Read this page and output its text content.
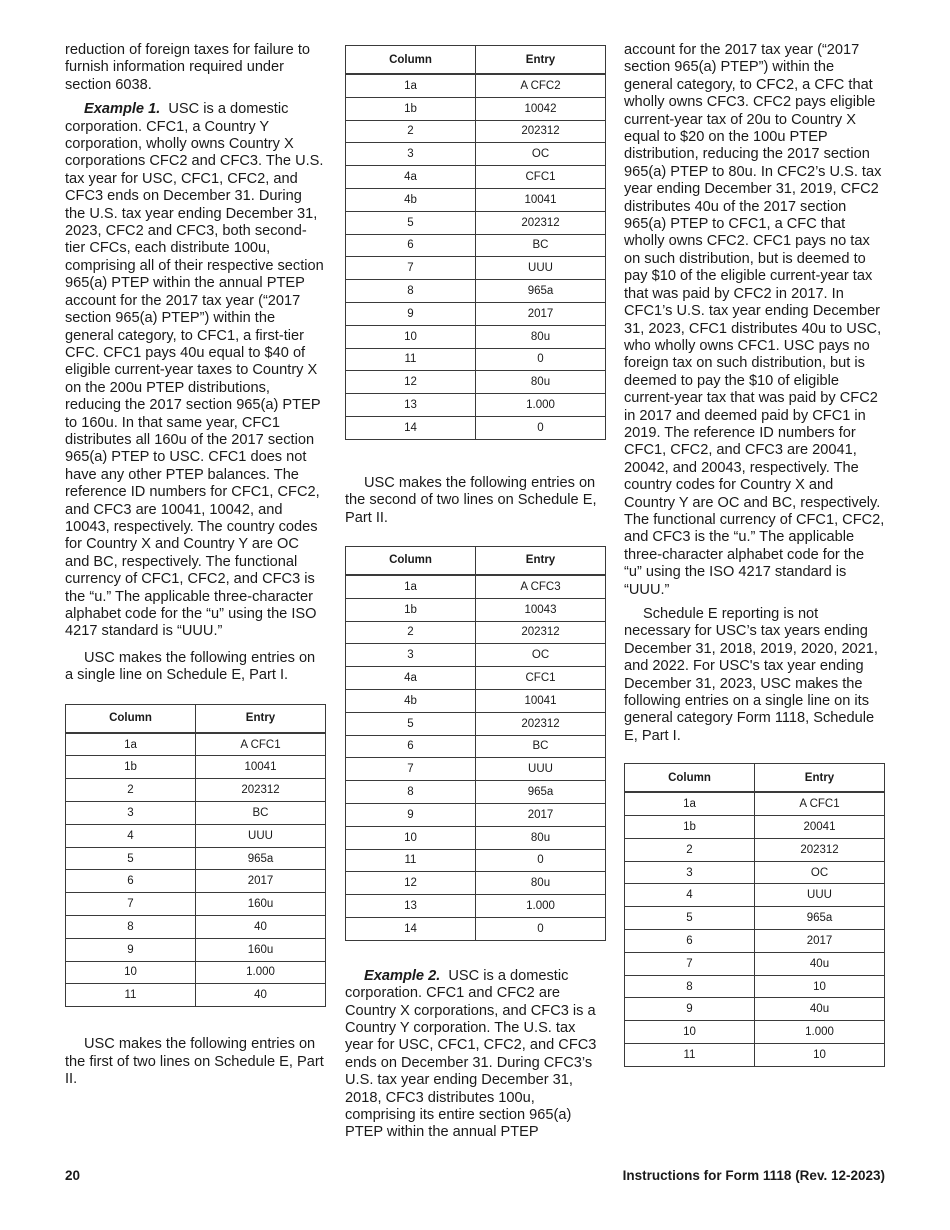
reduction of foreign taxes for failure to furnish information required under section 6038.

Example 1. USC is a domestic corporation. CFC1, a Country Y corporation, wholly owns Country X corporations CFC2 and CFC3. The U.S. tax year for USC, CFC1, CFC2, and CFC3 ends on December 31. During the U.S. tax year ending December 31, 2023, CFC2 and CFC3, both second-tier CFCs, each distribute 100u, comprising all of their respective section 965(a) PTEP within the annual PTEP account for the 2017 tax year (“2017 section 965(a) PTEP”) within the general category, to CFC1, a first-tier CFC. CFC1 pays 40u equal to $40 of eligible current-year taxes to Country X on the 200u PTEP distributions, reducing the 2017 section 965(a) PTEP to 160u. In that same year, CFC1 distributes all 160u of the 2017 section 965(a) PTEP to USC. CFC1 does not have any other PTEP balances. The reference ID numbers for CFC1, CFC2, and CFC3 are 10041, 10042, and 10043, respectively. The country codes for Country X and Country Y are OC and BC, respectively. The functional currency of CFC1, CFC2, and CFC3 is the “u.” The applicable three-character alphabet code for the “u” using the ISO 4217 standard is “UUU.”

USC makes the following entries on a single line on Schedule E, Part I.

Column	Entry
1a	A CFC1
1b	10041
2	202312
3	BC
4	UUU
5	965a
6	2017
7	160u
8	40
9	160u
10	1.000
11	40

USC makes the following entries on the first of two lines on Schedule E, Part II.

Column	Entry
1a	A CFC2
1b	10042
2	202312
3	OC
4a	CFC1
4b	10041
5	202312
6	BC
7	UUU
8	965a
9	2017
10	80u
11	0
12	80u
13	1.000
14	0

USC makes the following entries on the second of two lines on Schedule E, Part II.

Column	Entry
1a	A CFC3
1b	10043
2	202312
3	OC
4a	CFC1
4b	10041
5	202312
6	BC
7	UUU
8	965a
9	2017
10	80u
11	0
12	80u
13	1.000
14	0

Example 2. USC is a domestic corporation. CFC1 and CFC2 are Country X corporations, and CFC3 is a Country Y corporation. The U.S. tax year for USC, CFC1, CFC2, and CFC3 ends on December 31. During CFC3’s U.S. tax year ending December 31, 2018, CFC3 distributes 100u, comprising its entire section 965(a) PTEP within the annual PTEP

account for the 2017 tax year (“2017 section 965(a) PTEP”) within the general category, to CFC2, a CFC that wholly owns CFC3. CFC2 pays eligible current-year tax of 20u to Country X equal to $20 on the 100u PTEP distribution, reducing the 2017 section 965(a) PTEP to 80u. In CFC2’s U.S. tax year ending December 31, 2019, CFC2 distributes 40u of the 2017 section 965(a) PTEP to CFC1, a CFC that wholly owns CFC2. CFC1 pays no tax on such distribution, but is deemed to pay $10 of the eligible current-year tax that was paid by CFC2 in 2017. In CFC1’s U.S. tax year ending December 31, 2023, CFC1 distributes 40u to USC, who wholly owns CFC1. USC pays no foreign tax on such distribution, but is deemed to pay the $10 of eligible current-year tax that was paid by CFC2 in 2017 and deemed paid by CFC1 in 2019. The reference ID numbers for CFC1, CFC2, and CFC3 are 20041, 20042, and 20043, respectively. The country codes for Country X and Country Y are OC and BC, respectively. The functional currency of CFC1, CFC2, and CFC3 is the “u.” The applicable three-character alphabet code for the “u” using the ISO 4217 standard is “UUU.”

Schedule E reporting is not necessary for USC’s tax years ending December 31, 2018, 2019, 2020, 2021, and 2022. For USC's tax year ending December 31, 2023, USC makes the following entries on a single line on its general category Form 1118, Schedule E, Part I.

Column	Entry
1a	A CFC1
1b	20041
2	202312
3	OC
4	UUU
5	965a
6	2017
7	40u
8	10
9	40u
10	1.000
11	10
20	Instructions for Form 1118 (Rev. 12-2023)
